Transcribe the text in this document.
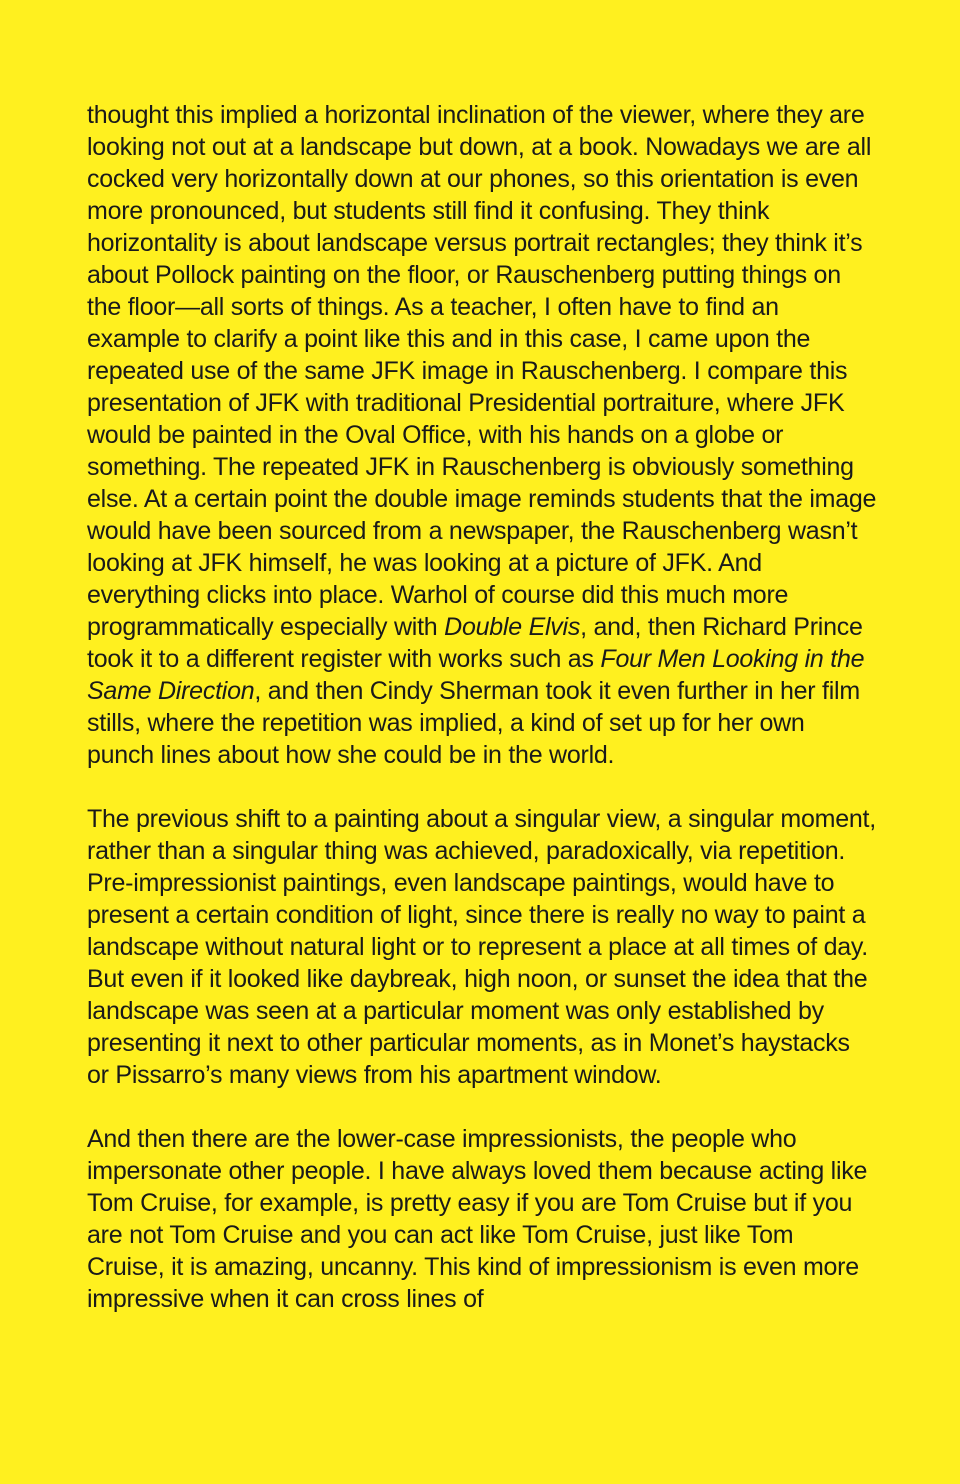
thought this implied a horizontal inclination of the viewer, where they are looking not out at a landscape but down, at a book. Nowadays we are all cocked very horizontally down at our phones, so this orientation is even more pronounced, but students still find it confusing. They think horizontality is about landscape versus portrait rectangles; they think it’s about Pollock painting on the floor, or Rauschenberg putting things on the floor—all sorts of things. As a teacher, I often have to find an example to clarify a point like this and in this case, I came upon the repeated use of the same JFK image in Rauschenberg. I compare this presentation of JFK with traditional Presidential portraiture, where JFK would be painted in the Oval Office, with his hands on a globe or something. The repeated JFK in Rauschenberg is obviously something else. At a certain point the double image reminds students that the image would have been sourced from a newspaper, the Rauschenberg wasn’t looking at JFK himself, he was looking at a picture of JFK. And everything clicks into place. Warhol of course did this much more programmatically especially with Double Elvis, and, then Richard Prince took it to a different register with works such as Four Men Looking in the Same Direction, and then Cindy Sherman took it even further in her film stills, where the repetition was implied, a kind of set up for her own punch lines about how she could be in the world.

The previous shift to a painting about a singular view, a singular moment, rather than a singular thing was achieved, paradoxically, via repetition. Pre-impressionist paintings, even landscape paintings, would have to present a certain condition of light, since there is really no way to paint a landscape without natural light or to represent a place at all times of day. But even if it looked like daybreak, high noon, or sunset the idea that the landscape was seen at a particular moment was only established by presenting it next to other particular moments, as in Monet’s haystacks or Pissarro’s many views from his apartment window.

And then there are the lower-case impressionists, the people who impersonate other people. I have always loved them because acting like Tom Cruise, for example, is pretty easy if you are Tom Cruise but if you are not Tom Cruise and you can act like Tom Cruise, just like Tom Cruise, it is amazing, uncanny. This kind of impressionism is even more impressive when it can cross lines of
